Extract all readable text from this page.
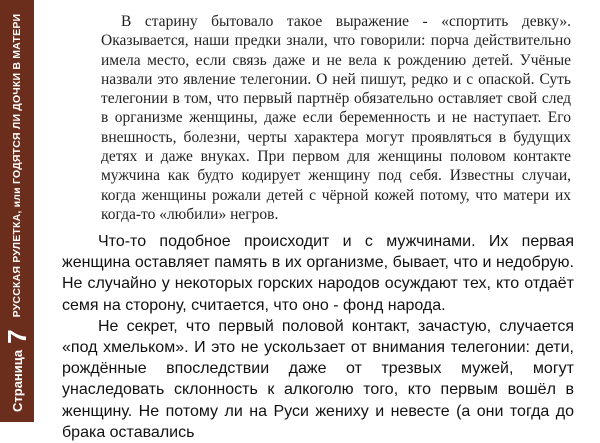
Страница
7
РУССКАЯ РУЛЕТКА, или ГОДЯТСЯ ЛИ ДОЧКИ В МАТЕРИ	В старину бытовало такое выражение - «спортить девку». Оказывается, наши предки знали, что говорили: порча действительно имела место, если связь даже и не вела к рождению детей. Учёные назвали это явление телегонии. О ней пишут, редко и с опаской. Суть телегонии в том, что первый партнёр обязательно оставляет свой след в организме женщины, даже если беременность и не наступает. Его внешность, болезни, черты характера могут проявляться в будущих детях и даже внуках. При первом для женщины половом контакте мужчина как будто кодирует женщину под себя. Известны случаи, когда женщины рожали детей с чёрной кожей потому, что матери их когда-то «любили» негров.

Что-то подобное происходит и с мужчинами. Их первая женщина оставляет память в их организме, бывает, что и недобрую. Не случайно у некоторых горских народов осуждают тех, кто отдаёт семя на сторону, считается, что оно - фонд народа.

Не секрет, что первый половой контакт, зачастую, случается «под хмельком». И это не ускользает от внимания телегонии: дети, рождённые впоследствии даже от трезвых мужей, могут унаследовать склонность к алкоголю того, кто первым вошёл в женщину. Не потому ли на Руси жениху и невесте (а они тогда до брака оставались
